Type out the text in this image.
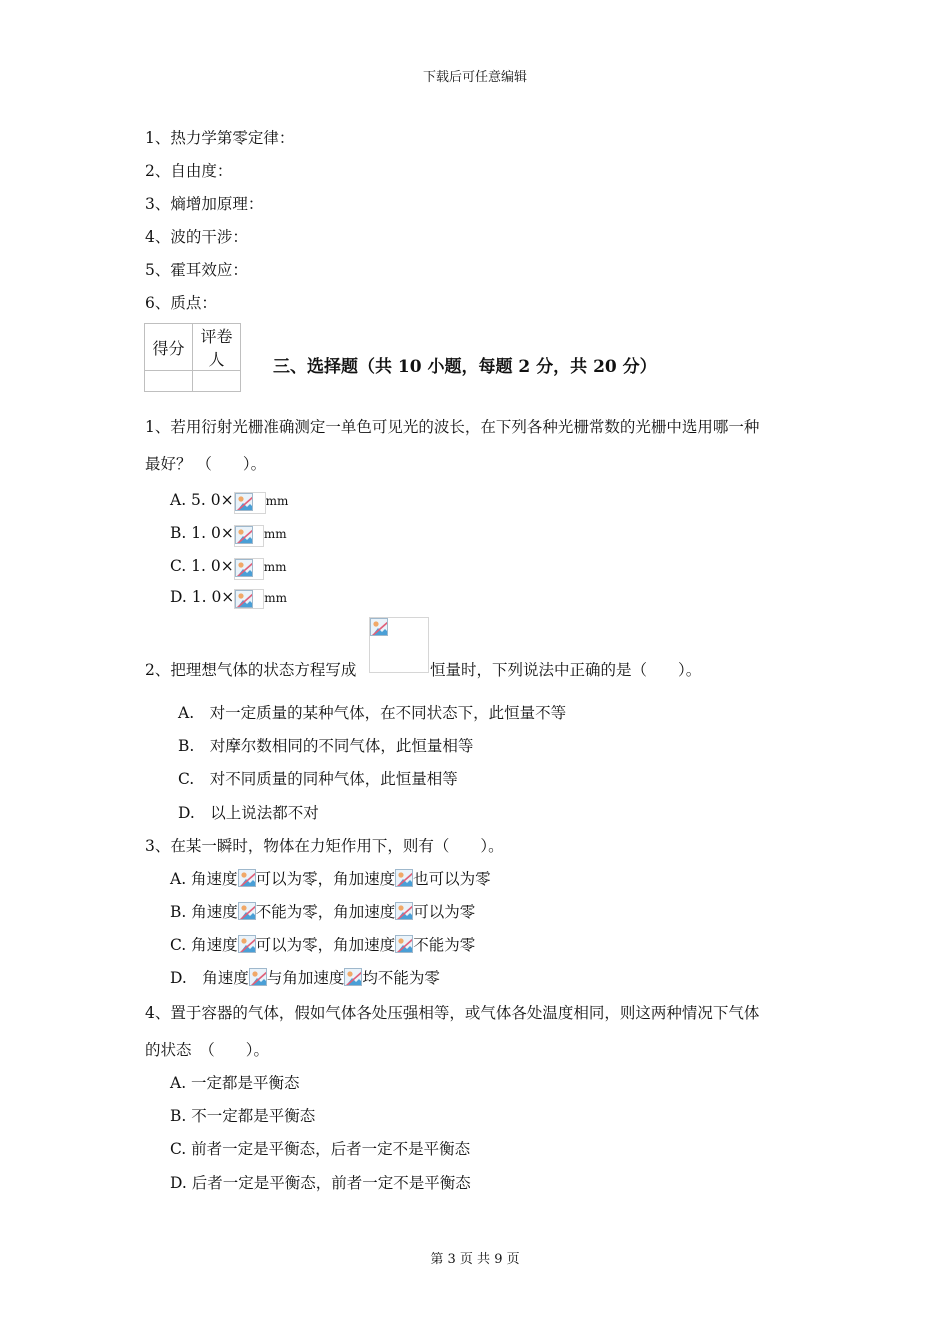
下载后可任意编辑
1、热力学第零定律：
2、自由度：
3、熵增加原理：
4、波的干涉：
5、霍耳效应：
6、质点：
得分	评卷人
		三、选择题（共 10 小题，每题 2 分，共 20 分）
1、若用衍射光栅准确测定一单色可见光的波长，在下列各种光栅常数的光栅中选用哪一种
最好？ （　　）。
A. 5. 0×	mm
B. 1. 0×	mm
C. 1. 0×	mm
D. 1. 0×	mm
2、把理想气体的状态方程写成	恒量时，下列说法中正确的是（　　）。
A.　对一定质量的某种气体，在不同状态下，此恒量不等
B.　对摩尔数相同的不同气体，此恒量相等
C.　对不同质量的同种气体，此恒量相等
D.　以上说法都不对
3、在某一瞬时，物体在力矩作用下，则有（　　）。
A. 角速度 可以为零，角加速度 也可以为零
B. 角速度 不能为零，角加速度 可以为零
C. 角速度 可以为零，角加速度 不能为零
D.　角速度 与角加速度 均不能为零
4、置于容器的气体，假如气体各处压强相等，或气体各处温度相同，则这两种情况下气体
的状态　（　　）。
A. 一定都是平衡态
B. 不一定都是平衡态
C. 前者一定是平衡态，后者一定不是平衡态
D. 后者一定是平衡态，前者一定不是平衡态
第 3 页 共 9 页
